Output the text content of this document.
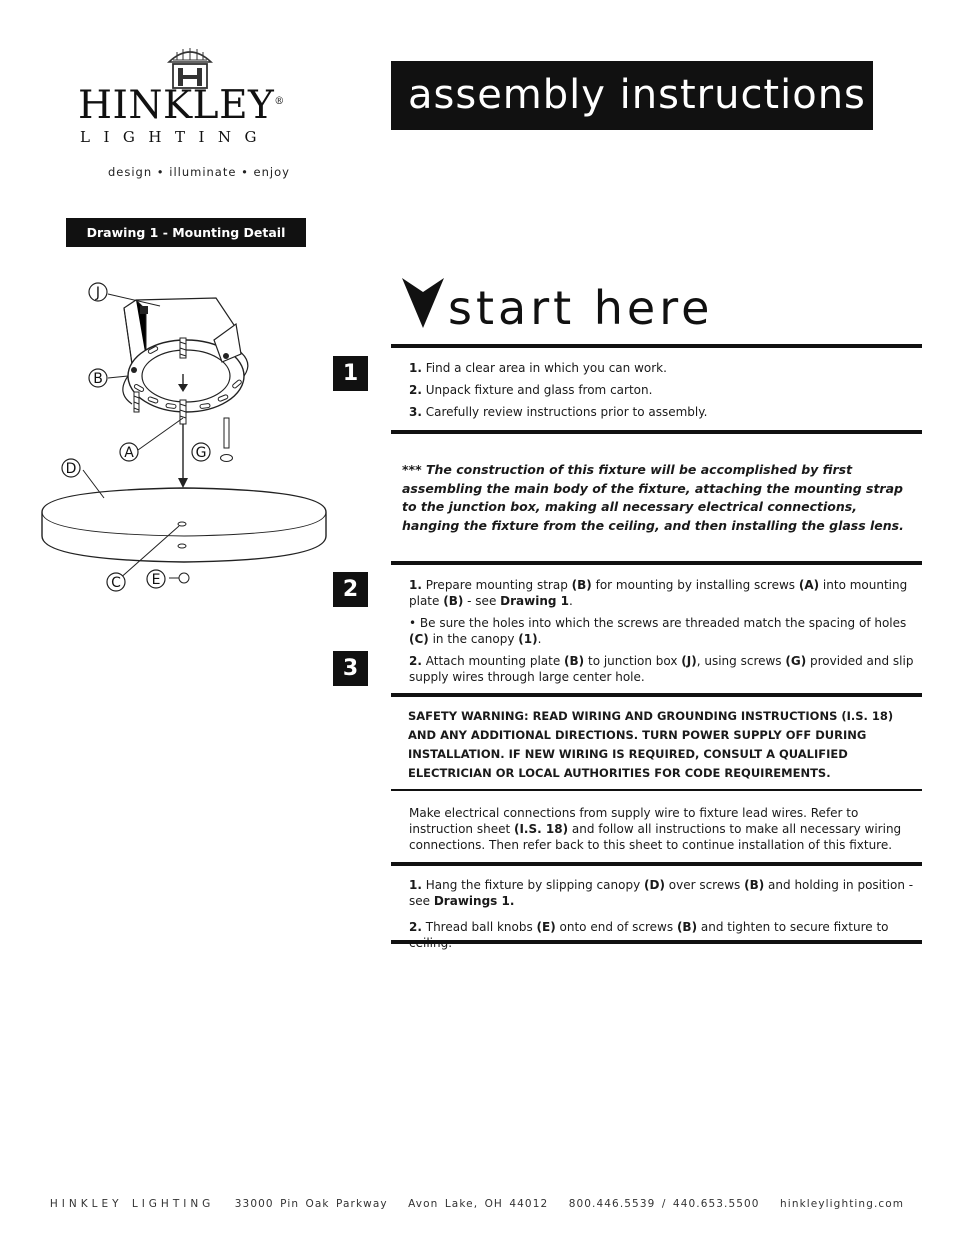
HINKLEY®
LIGHTING
design • illuminate • enjoy
assembly instructions
Drawing 1 - Mounting Detail
J
B
A	G
D
C E
start here
1	1. Find a clear area in which you can work.
2. Unpack fixture and glass from carton.
3. Carefully review instructions prior to assembly.
*** The construction of this fixture will be accomplished by first assembling the main body of the fixture, attaching the mounting strap to the junction box, making all necessary electrical connections, hanging the fixture from the ceiling, and then installing the glass lens.
2
3
1. Prepare mounting strap (B) for mounting by installing screws (A) into mounting plate (B) - see Drawing 1.
• Be sure the holes into which the screws are threaded match the spacing of holes (C) in the canopy (1).
2. Attach mounting plate (B) to junction box (J), using screws (G) provided and slip supply wires through large center hole.
SAFETY WARNING: READ WIRING AND GROUNDING INSTRUCTIONS (I.S. 18) AND ANY ADDITIONAL DIRECTIONS. TURN POWER SUPPLY OFF DURING INSTALLATION. IF NEW WIRING IS REQUIRED, CONSULT A QUALIFIED ELECTRICIAN OR LOCAL AUTHORITIES FOR CODE REQUIREMENTS.
Make electrical connections from supply wire to fixture lead wires. Refer to instruction sheet (I.S. 18) and follow all instructions to make all necessary wiring connections. Then refer back to this sheet to continue installation of this fixture.
1. Hang the fixture by slipping canopy (D) over screws (B) and holding in position - see Drawings 1.
2. Thread ball knobs (E) onto end of screws (B) and tighten to secure fixture to
HINKLEY LIGHTING 33000 Pin Oak Parkway Avon Lake, OH 44012 800.446.5539 / 440.653.5500 hinkleylighting.com
